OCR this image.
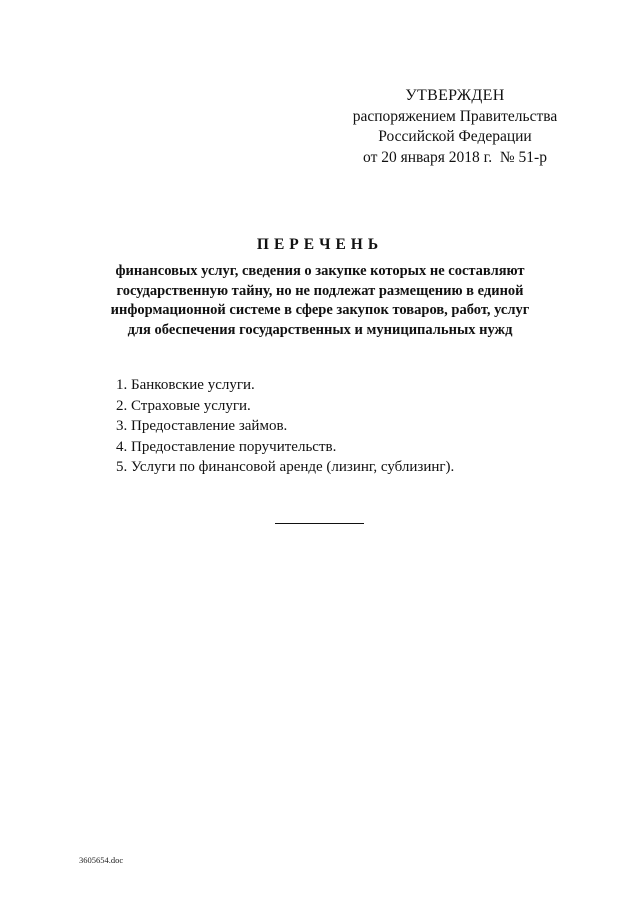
УТВЕРЖДЕН
распоряжением Правительства
Российской Федерации
от 20 января 2018 г.  № 51-р
ПЕРЕЧЕНЬ
финансовых услуг, сведения о закупке которых не составляют
государственную тайну, но не подлежат размещению в единой
информационной системе в сфере закупок товаров, работ, услуг
для обеспечения государственных и муниципальных нужд
1. Банковские услуги.
2. Страховые услуги.
3. Предоставление займов.
4. Предоставление поручительств.
5. Услуги по финансовой аренде (лизинг, сублизинг).
3605654.doc
